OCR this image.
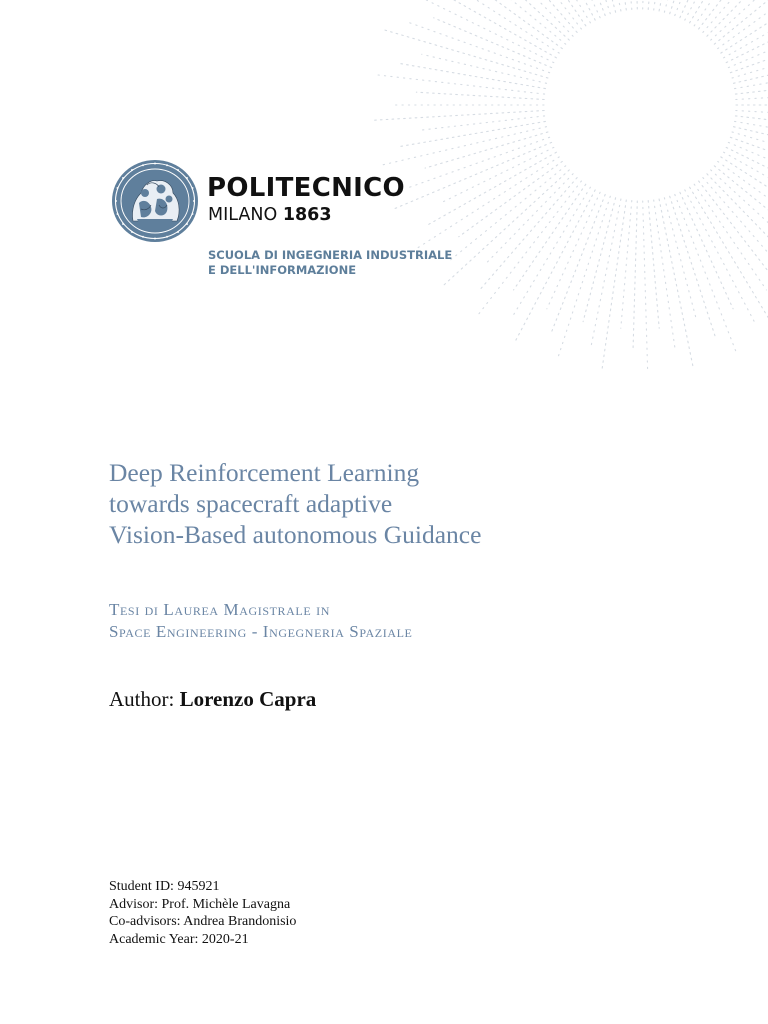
POLITECNICO
MILANO 1863
SCUOLA DI INGEGNERIA INDUSTRIALE
E DELL'INFORMAZIONE
Deep Reinforcement Learning
towards spacecraft adaptive
Vision-Based autonomous Guidance
Tesi di Laurea Magistrale in
Space Engineering - Ingegneria Spaziale
Author: Lorenzo Capra
Student ID: 945921
Advisor: Prof. Michèle Lavagna
Co-advisors: Andrea Brandonisio
Academic Year: 2020-21
